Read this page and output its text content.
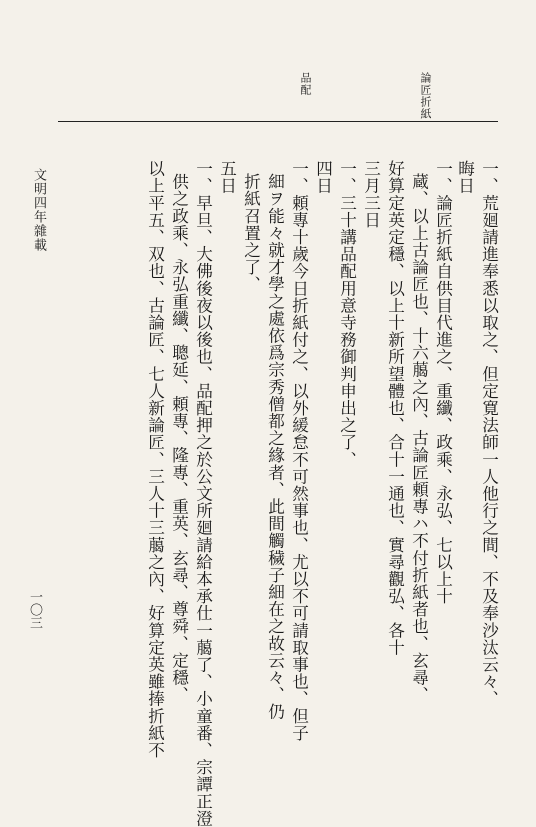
論匠折紙
品配
一、荒廻請進奉悉以取之、但定寛法師一人他行之間、不及奉沙汰云々、
晦日
一、論匠折紙自供目代進之、重纖、政乘、永弘、七以上十
蔵、以上古論匠也、十六﨟之內、古論匠頼專ハ不付折紙者也、玄尋、
好算定英定穩、以上十新所望體也、合十一通也、實尋觀弘、各十
三月三日
一、三十講品配用意寺務御判申出之了、
四日
一、頼專十歲今日折紙付之、以外緩怠不可然事也、尤以不可請取事也、但子
細ヲ能々就才學之處依爲宗秀僧都之緣者、此間觸穢子細在之故云々、仍
折紙召置之了、
五日
一、早旦、大佛後夜以後也、品配押之於公文所廻請給本承仕一﨟了、小童番、宗譚正澄
供之政乘、永弘重纖、聰延、頼專、隆專、重英、玄尋、尊舜、定穩、
以上平五、双也、古論匠、七人新論匠、三人十三﨟之內、好算定英雖捧折紙不
一〇三
文明四年雜載
